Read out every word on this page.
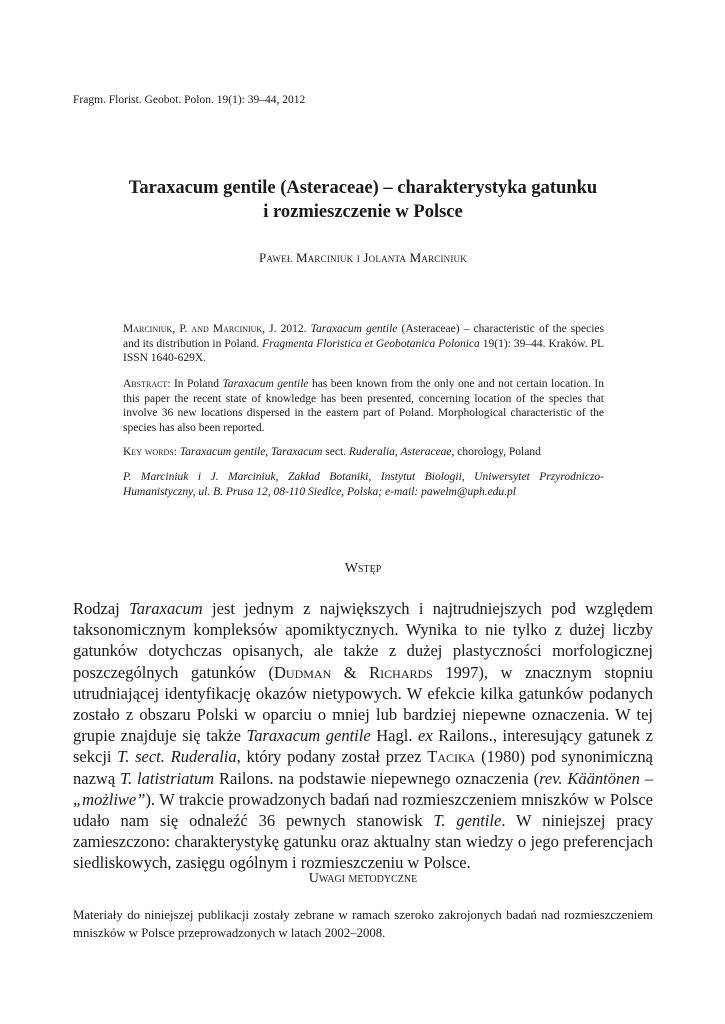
Fragm. Florist. Geobot. Polon. 19(1): 39–44, 2012
Taraxacum gentile (Asteraceae) – charakterystyka gatunku
i rozmieszczenie w Polsce
Paweł Marciniuk i Jolanta Marciniuk
Marciniuk, P. and Marciniuk, J. 2012. Taraxacum gentile (Asteraceae) – characteristic of the species and its distribution in Poland. Fragmenta Floristica et Geobotanica Polonica 19(1): 39–44. Kraków. PL ISSN 1640-629X.
Abstract: In Poland Taraxacum gentile has been known from the only one and not certain location. In this paper the recent state of knowledge has been presented, concerning location of the species that involve 36 new locations dispersed in the eastern part of Poland. Morphological characteristic of the species has also been reported.
Key words: Taraxacum gentile, Taraxacum sect. Ruderalia, Asteraceae, chorology, Poland
P. Marciniuk i J. Marciniuk, Zakład Botaniki, Instytut Biologii, Uniwersytet Przyrodniczo-Humanistyczny, ul. B. Prusa 12, 08-110 Siedlce, Polska; e-mail: pawelm@uph.edu.pl
Wstęp
Rodzaj Taraxacum jest jednym z największych i najtrudniejszych pod względem taksonomicznym kompleksów apomiktycznych. Wynika to nie tylko z dużej liczby gatunków dotychczas opisanych, ale także z dużej plastyczności morfologicznej poszczególnych gatunków (Dudman & Richards 1997), w znacznym stopniu utrudniającej identyfikację okazów nietypowych. W efekcie kilka gatunków podanych zostało z obszaru Polski w oparciu o mniej lub bardziej niepewne oznaczenia. W tej grupie znajduje się także Taraxacum gentile Hagl. ex Railons., interesujący gatunek z sekcji T. sect. Ruderalia, który podany został przez Tacika (1980) pod synonimiczną nazwą T. latistriatum Railons. na podstawie niepewnego oznaczenia (rev. Kääntönen – „możliwe”). W trakcie prowadzonych badań nad rozmieszczeniem mniszków w Polsce udało nam się odnaleźć 36 pewnych stanowisk T. gentile. W niniejszej pracy zamieszczono: charakterystykę gatunku oraz aktualny stan wiedzy o jego preferencjach siedliskowych, zasięgu ogólnym i rozmieszczeniu w Polsce.
Uwagi metodyczne
Materiały do niniejszej publikacji zostały zebrane w ramach szeroko zakrojonych badań nad rozmieszczeniem mniszków w Polsce przeprowadzonych w latach 2002–2008.
